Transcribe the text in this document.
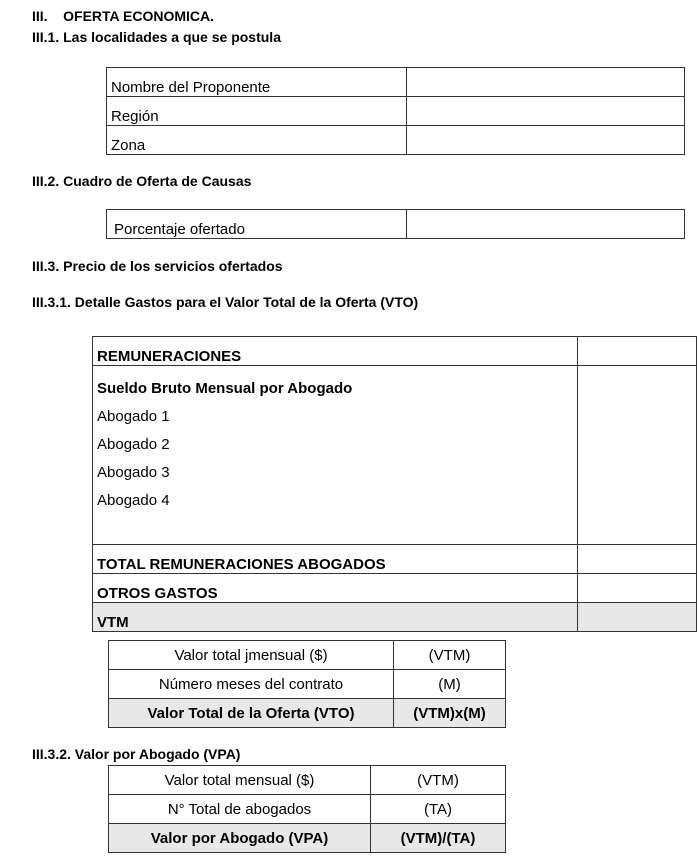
III. OFERTA ECONOMICA.
III.1. Las localidades a que se postula
Nombre del Proponente	
Región	
Zona	
III.2. Cuadro de Oferta de Causas
Porcentaje ofertado	
III.3. Precio de los servicios ofertados
III.3.1. Detalle Gastos para el Valor Total de la Oferta (VTO)
REMUNERACIONES	

Sueldo Bruto Mensual por Abogado
Abogado 1
Abogado 2
Abogado 3
Abogado 4	

TOTAL REMUNERACIONES ABOGADOS	
OTROS GASTOS	
VTM	
Valor total jmensual ($)	(VTM)
Número meses del contrato	(M)
Valor Total de la Oferta (VTO)	(VTM)x(M)
III.3.2. Valor por Abogado (VPA)
Valor total mensual ($)	(VTM)
N° Total de abogados	(TA)
Valor por Abogado (VPA)	(VTM)/(TA)
